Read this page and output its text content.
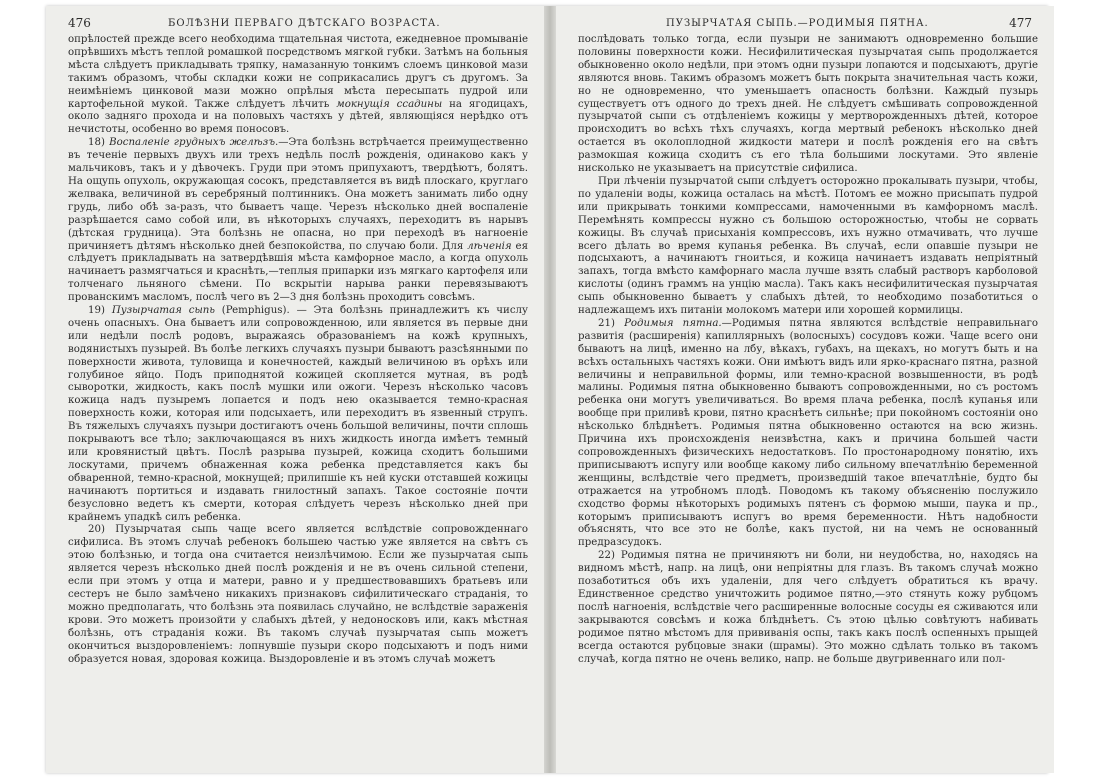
476	БОЛѢЗНИ ПЕРВАГО ДѢТСКАГО ВОЗРАСТА.

опрѣлостей прежде всего необходима тщательная чистота, ежедневное промываніе опрѣвшихъ мѣстъ теплой ромашкой посредствомъ мягкой губки. Затѣмъ на больныя мѣста слѣдуетъ прикладывать тряпку, намазанную тонкимъ слоемъ цинковой мази такимъ образомъ, чтобы складки кожи не соприкасались другъ съ другомъ. За неимѣніемъ цинковой мази можно опрѣлыя мѣста пересыпать пудрой или картофельной мукой. Также слѣдуетъ лѣчить мокнущія ссадины на ягодицахъ, около задняго прохода и на половыхъ частяхъ у дѣтей, являющіяся нерѣдко отъ нечистоты, особенно во время поносовъ.

18) Воспаленіе грудныхъ желѣзъ.—Эта болѣзнь встрѣчается преимущественно въ теченіе первыхъ двухъ или трехъ недѣль послѣ рожденія, одинаково какъ у мальчиковъ, такъ и у дѣвочекъ. Груди при этомъ припухаютъ, твердѣютъ, болятъ. На ощупь опухоль, окружающая сосокъ, представляется въ видѣ плоскаго, круглаго желвака, величиной въ серебряный полтинникъ. Она можетъ занимать либо одну грудь, либо обѣ за-разъ, что бываетъ чаще. Черезъ нѣсколько дней воспаленіе разрѣшается само собой или, въ нѣкоторыхъ случаяхъ, переходитъ въ нарывъ (дѣтская грудница). Эта болѣзнь не опасна, но при переходѣ въ нагноеніе причиняетъ дѣтямъ нѣсколько дней безпокойства, по случаю боли. Для лѣченія ея слѣдуетъ прикладывать на затвердѣвшія мѣста камфорное масло, а когда опухоль начинаетъ размягчаться и краснѣть,—теплыя припарки изъ мягкаго картофеля или толченаго льняного сѣмени. По вскрытіи нарыва ранки перевязываютъ прованскимъ масломъ, послѣ чего въ 2—3 дня болѣзнь проходитъ совсѣмъ.

19) Пузырчатая сыпь (Pemphigus). — Эта болѣзнь принадлежитъ къ числу очень опасныхъ. Она бываетъ или сопровожденною, или является въ первые дни или недѣли послѣ родовъ, выражаясь образованіемъ на кожѣ крупныхъ, водянистыхъ пузырей. Въ болѣе легкихъ случаяхъ пузыри бываютъ разсѣянными по поверхности живота, туловища и конечностей, каждый величиною въ орѣхъ или голубиное яйцо. Подъ приподнятой кожицей скопляется мутная, въ родѣ сыворотки, жидкость, какъ послѣ мушки или ожоги. Черезъ нѣсколько часовъ кожица надъ пузыремъ лопается и подъ нею оказывается темно-красная поверхность кожи, которая или подсыхаетъ, или переходитъ въ язвенный струпъ. Въ тяжелыхъ случаяхъ пузыри достигаютъ очень большой величины, почти сплошь покрываютъ все тѣло; заключающаяся въ нихъ жидкость иногда имѣетъ темный или кровянистый цвѣтъ. Послѣ разрыва пузырей, кожица сходитъ большими лоскутами, причемъ обнаженная кожа ребенка представляется какъ бы обваренной, темно-красной, мокнущей; прилипшіе къ ней куски отставшей кожицы начинаютъ портиться и издавать гнилостный запахъ. Такое состояніе почти безусловно ведетъ къ смерти, которая слѣдуетъ черезъ нѣсколько дней при крайнемъ упадкѣ силъ ребенка.

20) Пузырчатая сыпь чаще всего является вслѣдствіе сопровожденнаго сифилиса. Въ этомъ случаѣ ребенокъ большею частью уже является на свѣтъ съ этою болѣзнью, и тогда она считается неизлѣчимою. Если же пузырчатая сыпь является черезъ нѣсколько дней послѣ рожденія и не въ очень сильной степени, если при этомъ у отца и матери, равно и у предшествовавшихъ братьевъ или сестеръ не было замѣчено никакихъ признаковъ сифилитическаго страданія, то можно предполагать, что болѣзнь эта появилась случайно, не вслѣдствіе зараженія крови. Это можетъ произойти у слабыхъ дѣтей, у недоносковъ или, какъ мѣстная болѣзнь, отъ страданія кожи. Въ такомъ случаѣ пузырчатая сыпь можетъ окончиться выздоровленіемъ: лопнувшіе пузыри скоро подсыхаютъ и подъ ними образуется новая, здоровая кожица. Выздоровленіе и въ этомъ случаѣ можетъ

ПУЗЫРЧАТАЯ СЫПЬ.—РОДИМЫЯ ПЯТНА.	477

послѣдовать только тогда, если пузыри не занимаютъ одновременно большие половины поверхности кожи. Несифилитическая пузырчатая сыпь продолжается обыкновенно около недѣли, при этомъ одни пузыри лопаются и подсыхаютъ, другіе являются вновь. Такимъ образомъ можетъ быть покрыта значительная часть кожи, но не одновременно, что уменьшаетъ опасность болѣзни. Каждый пузырь существуетъ отъ одного до трехъ дней. Не слѣдуетъ смѣшивать сопровожденной пузырчатой сыпи съ отдѣленіемъ кожицы у мертворожденныхъ дѣтей, которое происходитъ во всѣхъ тѣхъ случаяхъ, когда мертвый ребенокъ нѣсколько дней остается въ околоплодной жидкости матери и послѣ рожденія его на свѣтъ размокшая кожица сходитъ съ его тѣла большими лоскутами. Это явленіе нисколько не указываетъ на присутствіе сифилиса.

При лѣченіи пузырчатой сыпи слѣдуетъ осторожно прокалывать пузыри, чтобы, по удаленіи воды, кожица осталась на мѣстѣ. Потомъ ее можно присыпать пудрой или прикрывать тонкими компрессами, намоченными въ камфорномъ маслѣ. Перемѣнять компрессы нужно съ большою осторожностью, чтобы не сорвать кожицы. Въ случаѣ присыханія компрессовъ, ихъ нужно отмачивать, что лучше всего дѣлать во время купанья ребенка. Въ случаѣ, если опавшіе пузыри не подсыхаютъ, а начинаютъ гноиться, и кожица начинаетъ издавать непріятный запахъ, тогда вмѣсто камфорнаго масла лучше взять слабый растворъ карболовой кислоты (одинъ граммъ на унцію масла). Такъ какъ несифилитическая пузырчатая сыпь обыкновенно бываетъ у слабыхъ дѣтей, то необходимо позаботиться о надлежащемъ ихъ питаніи молокомъ матери или хорошей кормилицы.

21) Родимыя пятна.—Родимыя пятна являются вслѣдствіе неправильнаго развитія (расширенія) капиллярныхъ (волосныхъ) сосудовъ кожи. Чаще всего они бываютъ на лицѣ, именно на лбу, вѣкахъ, губахъ, на щекахъ, но могутъ быть и на всѣхъ остальныхъ частяхъ кожи. Они имѣютъ видъ или ярко-краснаго пятна, разной величины и неправильной формы, или темно-красной возвышенности, въ родѣ малины. Родимыя пятна обыкновенно бываютъ сопровожденными, но съ ростомъ ребенка они могутъ увеличиваться. Во время плача ребенка, послѣ купанья или вообще при приливѣ крови, пятно краснѣетъ сильнѣе; при покойномъ состояніи оно нѣсколько блѣднѣетъ. Родимыя пятна обыкновенно остаются на всю жизнь. Причина ихъ происхожденія неизвѣстна, какъ и причина большей части сопровожденныхъ физическихъ недостатковъ. По простонародному понятію, ихъ приписываютъ испугу или вообще какому либо сильному впечатлѣнію беременной женщины, вслѣдствіе чего предметъ, произведшій такое впечатлѣніе, будто бы отражается на утробномъ плодѣ. Поводомъ къ такому объясненію послужило сходство формы нѣкоторыхъ родимыхъ пятенъ съ формою мыши, паука и пр., которымъ приписываютъ испугъ во время беременности. Нѣтъ надобности объяснять, что все это не болѣе, какъ пустой, ни на чемъ не основанный предразсудокъ.

22) Родимыя пятна не причиняютъ ни боли, ни неудобства, но, находясь на видномъ мѣстѣ, напр. на лицѣ, они непріятны для глазъ. Въ такомъ случаѣ можно позаботиться объ ихъ удаленіи, для чего слѣдуетъ обратиться къ врачу. Единственное средство уничтожить родимое пятно,—это стянуть кожу рубцомъ послѣ нагноенія, вслѣдствіе чего расширенные волосные сосуды ея сживаются или закрываются совсѣмъ и кожа блѣднѣетъ. Съ этою цѣлью совѣтуютъ набивать родимое пятно мѣстомъ для прививанія оспы, такъ какъ послѣ оспенныхъ прыщей всегда остаются рубцовые знаки (шрамы). Это можно сдѣлать только въ такомъ случаѣ, когда пятно не очень велико, напр. не больше двугривеннаго или пол-
